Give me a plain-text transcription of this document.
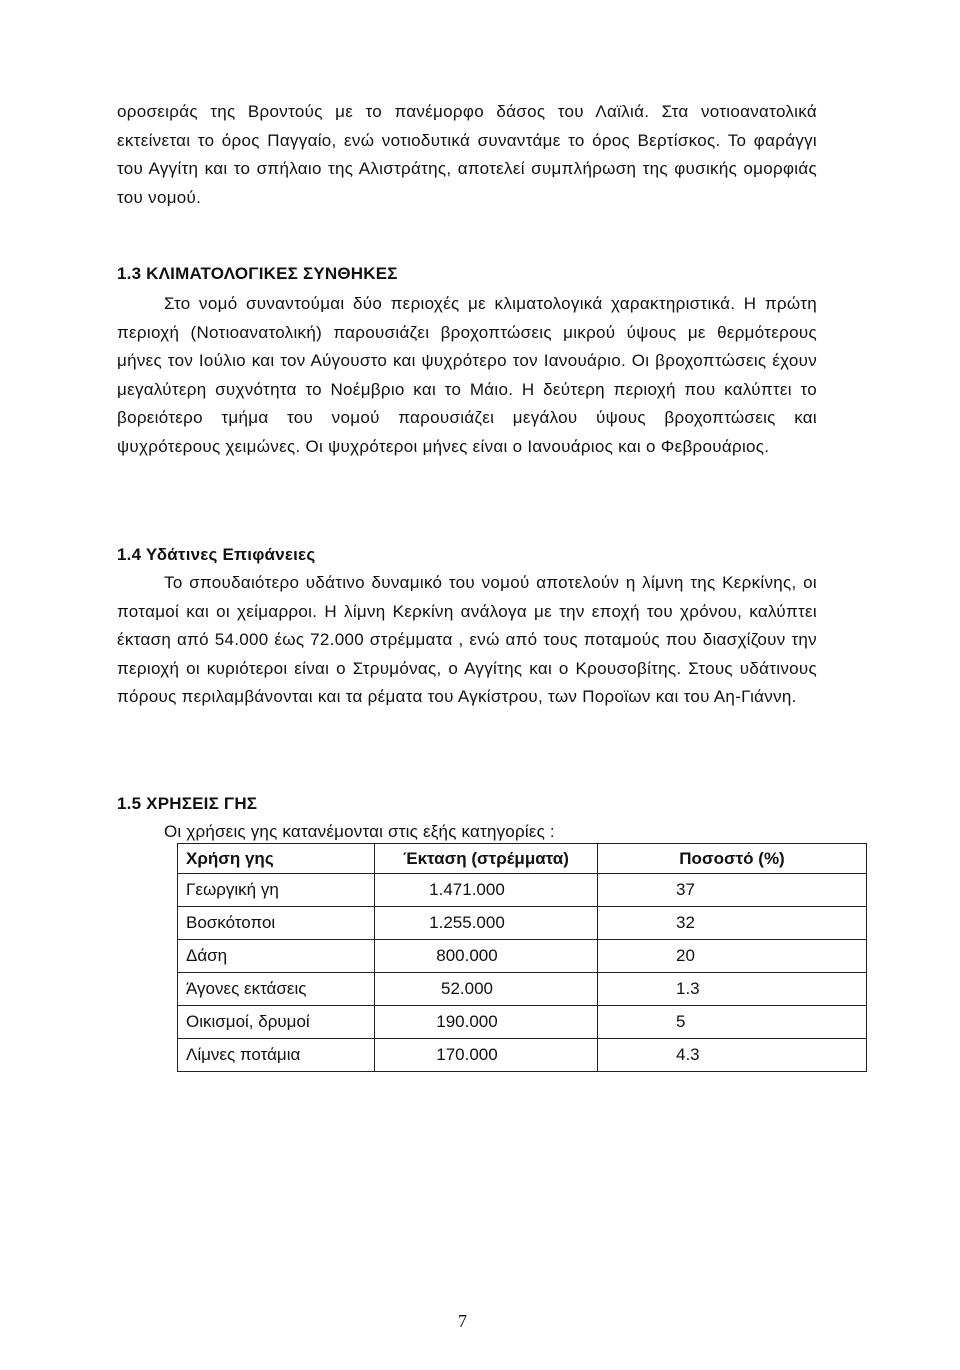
οροσειράς της Βροντούς με το πανέμορφο δάσος του Λαϊλιά. Στα νοτιοανατολικά εκτείνεται το όρος Παγγαίο, ενώ νοτιοδυτικά συναντάμε το όρος Βερτίσκος. Το φαράγγι του Αγγίτη και το σπήλαιο της Αλιστράτης, αποτελεί συμπλήρωση της φυσικής ομορφιάς του νομού.

1.3 ΚΛΙΜΑΤΟΛΟΓΙΚΕΣ ΣΥΝΘΗΚΕΣ

Στο νομό συναντούμαι δύο περιοχές με κλιματολογικά χαρακτηριστικά. Η πρώτη περιοχή (Νοτιοανατολική) παρουσιάζει βροχοπτώσεις μικρού ύψους με θερμότερους μήνες τον Ιούλιο και τον Αύγουστο και ψυχρότερο τον Ιανουάριο. Οι βροχοπτώσεις έχουν μεγαλύτερη συχνότητα το Νοέμβριο και το Μάιο. Η δεύτερη περιοχή που καλύπτει το βορειότερο τμήμα του νομού παρουσιάζει μεγάλου ύψους βροχοπτώσεις και ψυχρότερους χειμώνες. Οι ψυχρότεροι μήνες είναι ο Ιανουάριος και ο Φεβρουάριος.

1.4 Υδάτινες Επιφάνειες

Το σπουδαιότερο υδάτινο δυναμικό του νομού αποτελούν η λίμνη της Κερκίνης, οι ποταμοί και οι χείμαρροι. Η λίμνη Κερκίνη ανάλογα με την εποχή του χρόνου, καλύπτει έκταση από 54.000 έως 72.000 στρέμματα , ενώ από τους ποταμούς που διασχίζουν την περιοχή οι κυριότεροι είναι ο Στρυμόνας, ο Αγγίτης και ο Κρουσοβίτης. Στους υδάτινους πόρους περιλαμβάνονται και τα ρέματα του Αγκίστρου, των Ποροϊων και του Αη-Γιάννη.

1.5 ΧΡΗΣΕΙΣ ΓΗΣ

Οι χρήσεις γης κατανέμονται στις εξής κατηγορίες :

Χρήση γης	Έκταση (στρέμματα)	Ποσοστό (%)
Γεωργική γη	1.471.000	37
Βοσκότοποι	1.255.000	32
Δάση	800.000	20
Άγονες εκτάσεις	52.000	1.3
Οικισμοί, δρυμοί	190.000	5
Λίμνες ποτάμια	170.000	4.3

7
